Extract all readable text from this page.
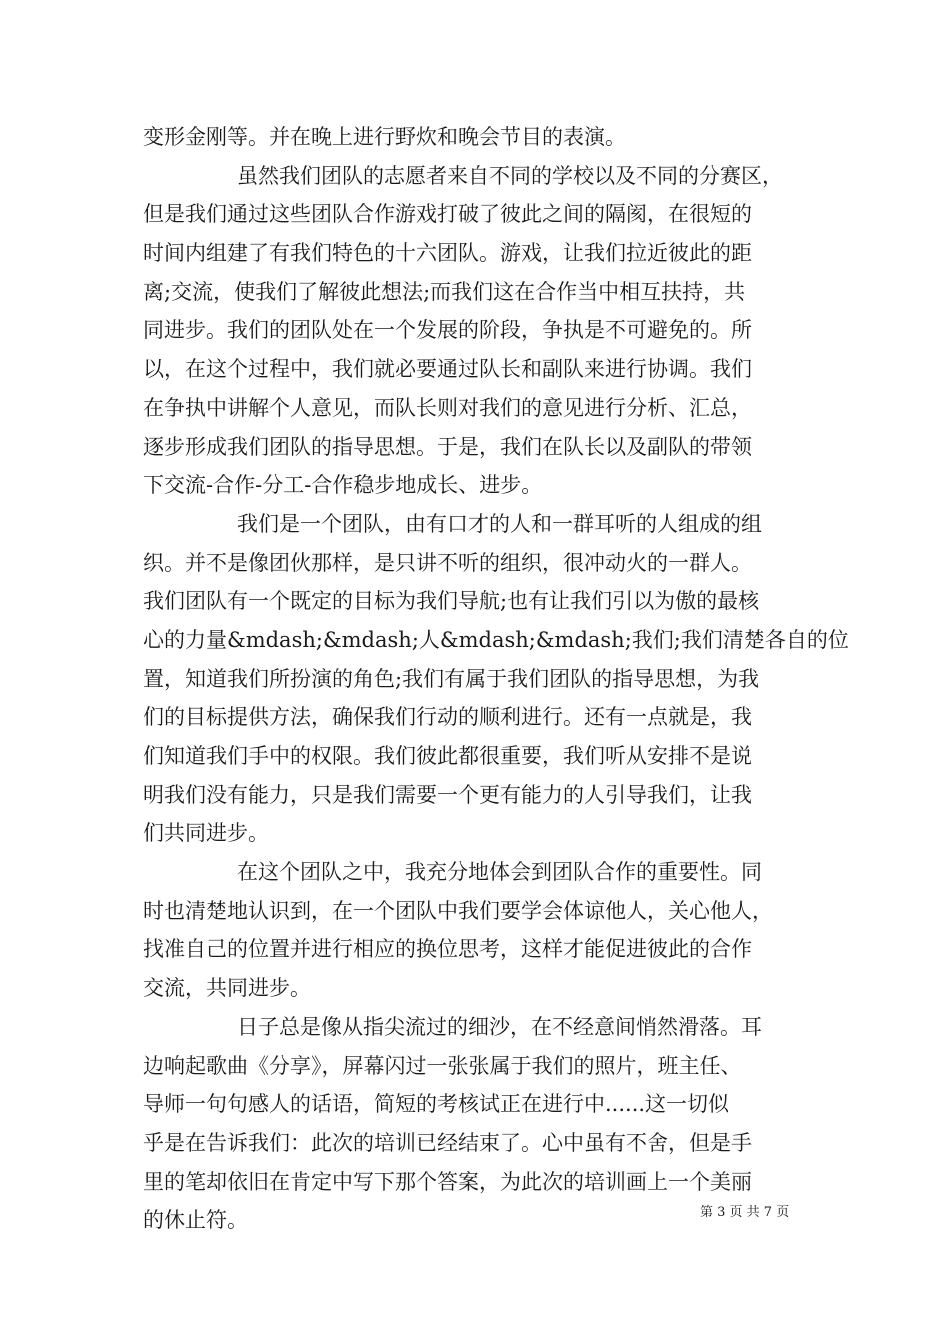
变形金刚等。并在晚上进行野炊和晚会节目的表演。
虽然我们团队的志愿者来自不同的学校以及不同的分赛区，
但是我们通过这些团队合作游戏打破了彼此之间的隔阂，在很短的
时间内组建了有我们特色的十六团队。游戏，让我们拉近彼此的距
离;交流，使我们了解彼此想法;而我们这在合作当中相互扶持，共
同进步。我们的团队处在一个发展的阶段，争执是不可避免的。所
以，在这个过程中，我们就必要通过队长和副队来进行协调。我们
在争执中讲解个人意见，而队长则对我们的意见进行分析、汇总，
逐步形成我们团队的指导思想。于是，我们在队长以及副队的带领
下交流-合作-分工-合作稳步地成长、进步。
我们是一个团队，由有口才的人和一群耳听的人组成的组
织。并不是像团伙那样，是只讲不听的组织，很冲动火的一群人。
我们团队有一个既定的目标为我们导航;也有让我们引以为傲的最核
心的力量&mdash;&mdash;人&mdash;&mdash;我们;我们清楚各自的位
置，知道我们所扮演的角色;我们有属于我们团队的指导思想，为我
们的目标提供方法，确保我们行动的顺利进行。还有一点就是，我
们知道我们手中的权限。我们彼此都很重要，我们听从安排不是说
明我们没有能力，只是我们需要一个更有能力的人引导我们，让我
们共同进步。
在这个团队之中，我充分地体会到团队合作的重要性。同
时也清楚地认识到，在一个团队中我们要学会体谅他人，关心他人，
找准自己的位置并进行相应的换位思考，这样才能促进彼此的合作
交流，共同进步。
日子总是像从指尖流过的细沙，在不经意间悄然滑落。耳
边响起歌曲《分享》，屏幕闪过一张张属于我们的照片，班主任、
导师一句句感人的话语，简短的考核试正在进行中......这一切似
乎是在告诉我们：此次的培训已经结束了。心中虽有不舍，但是手
里的笔却依旧在肯定中写下那个答案，为此次的培训画上一个美丽
的休止符。	第 3 页 共 7 页
